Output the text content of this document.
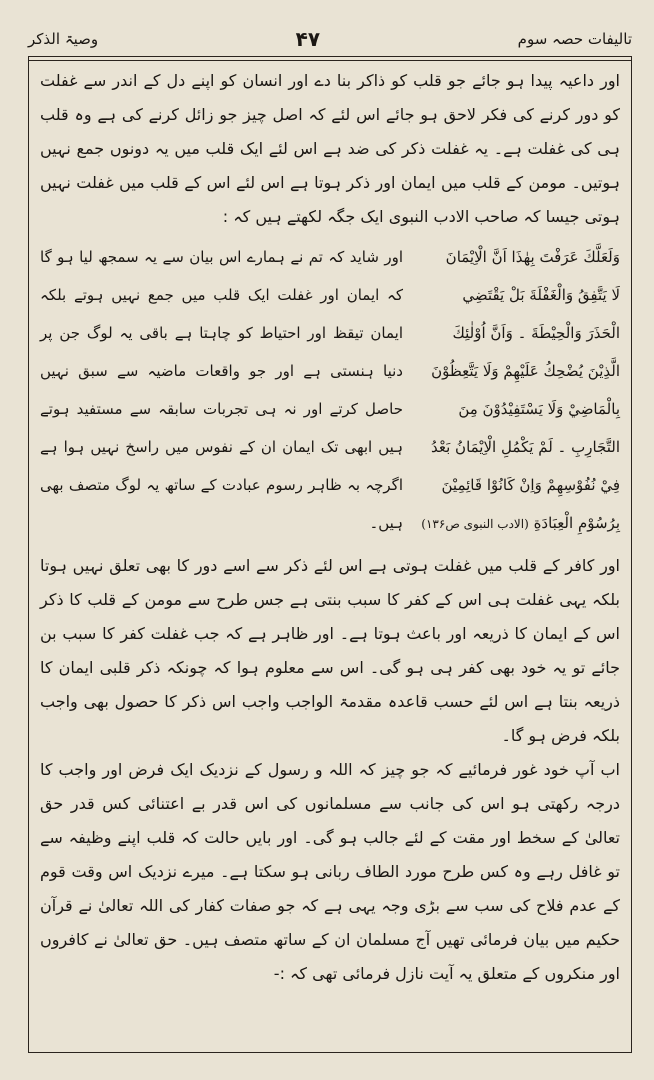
تالیفات حصہ سوم
۴۷
وصیۃ الذکر

اور داعیہ پیدا ہو جائے جو قلب کو ذاکر بنا دے اور انسان کو اپنے دل کے اندر سے غفلت کو دور کرنے کی فکر لاحق ہو جائے اس لئے کہ اصل چیز جو زائل کرنے کی ہے وہ قلب ہی کی غفلت ہے۔ یہ غفلت ذکر کی ضد ہے اس لئے ایک قلب میں یہ دونوں جمع نہیں ہوتیں۔ مومن کے قلب میں ایمان اور ذکر ہوتا ہے اس لئے اس کے قلب میں غفلت نہیں ہوتی جیسا کہ صاحب الادب النبوی ایک جگہ لکھتے ہیں کہ :

وَلَعَلَّكَ عَرَفْتَ بِهٰذَا اَنَّ الْاِيْمَانَ
لَا يَتَّفِقُ وَالْغَفْلَةَ بَلْ يَقْتَضِي
الْحَذَرَ وَالْحِيْطَةَ ۔ وَاَنَّ اُوْلٰئِكَ
الَّذِيْنَ يُضْحِكُ عَلَيْهِمْ وَلَا يَتَّعِظُوْنَ
بِالْمَاضِيْ وَلَا يَسْتَفِيْدُوْنَ مِنَ
التَّجَارِبِ ۔ لَمْ يَكْمُلِ الْاِيْمَانُ بَعْدُ
فِيْ نُفُوْسِهِمْ وَاِنْ كَانُوْا قَائِمِيْنَ
بِرُسُوْمِ الْعِبَادَةِ (الادب النبوی ص۱۳۶)
اور شاید کہ تم نے ہمارے اس بیان سے یہ سمجھ لیا ہو گا کہ ایمان اور غفلت ایک قلب میں جمع نہیں ہوتے بلکہ ایمان تیقظ اور احتیاط کو چاہتا ہے باقی یہ لوگ جن پر دنیا ہنستی ہے اور جو واقعات ماضیہ سے سبق نہیں حاصل کرتے اور نہ ہی تجربات سابقہ سے مستفید ہوتے ہیں ابھی تک ایمان ان کے نفوس میں راسخ نہیں ہوا ہے اگرچہ بہ ظاہر رسوم عبادت کے ساتھ یہ لوگ متصف بھی ہیں۔

اور کافر کے قلب میں غفلت ہوتی ہے اس لئے ذکر سے اسے دور کا بھی تعلق نہیں ہوتا بلکہ یہی غفلت ہی اس کے کفر کا سبب بنتی ہے جس طرح سے مومن کے قلب کا ذکر اس کے ایمان کا ذریعہ اور باعث ہوتا ہے۔ اور ظاہر ہے کہ جب غفلت کفر کا سبب بن جائے تو یہ خود بھی کفر ہی ہو گی۔ اس سے معلوم ہوا کہ چونکہ ذکر قلبی ایمان کا ذریعہ بنتا ہے اس لئے حسب قاعدہ مقدمۃ الواجب واجب اس ذکر کا حصول بھی واجب بلکہ فرض ہو گا۔

اب آپ خود غور فرمائیے کہ جو چیز کہ اللہ و رسول کے نزدیک ایک فرض اور واجب کا درجہ رکھتی ہو اس کی جانب سے مسلمانوں کی اس قدر بے اعتنائی کس قدر حق تعالیٰ کے سخط اور مقت کے لئے جالب ہو گی۔ اور بایں حالت کہ قلب اپنے وظیفہ سے تو غافل رہے وہ کس طرح مورد الطاف ربانی ہو سکتا ہے۔ میرے نزدیک اس وقت قوم کے عدم فلاح کی سب سے بڑی وجہ یہی ہے کہ جو صفات کفار کی اللہ تعالیٰ نے قرآن حکیم میں بیان فرمائی تھیں آج مسلمان ان کے ساتھ متصف ہیں۔ حق تعالیٰ نے کافروں اور منکروں کے متعلق یہ آیت نازل فرمائی تھی کہ :-
